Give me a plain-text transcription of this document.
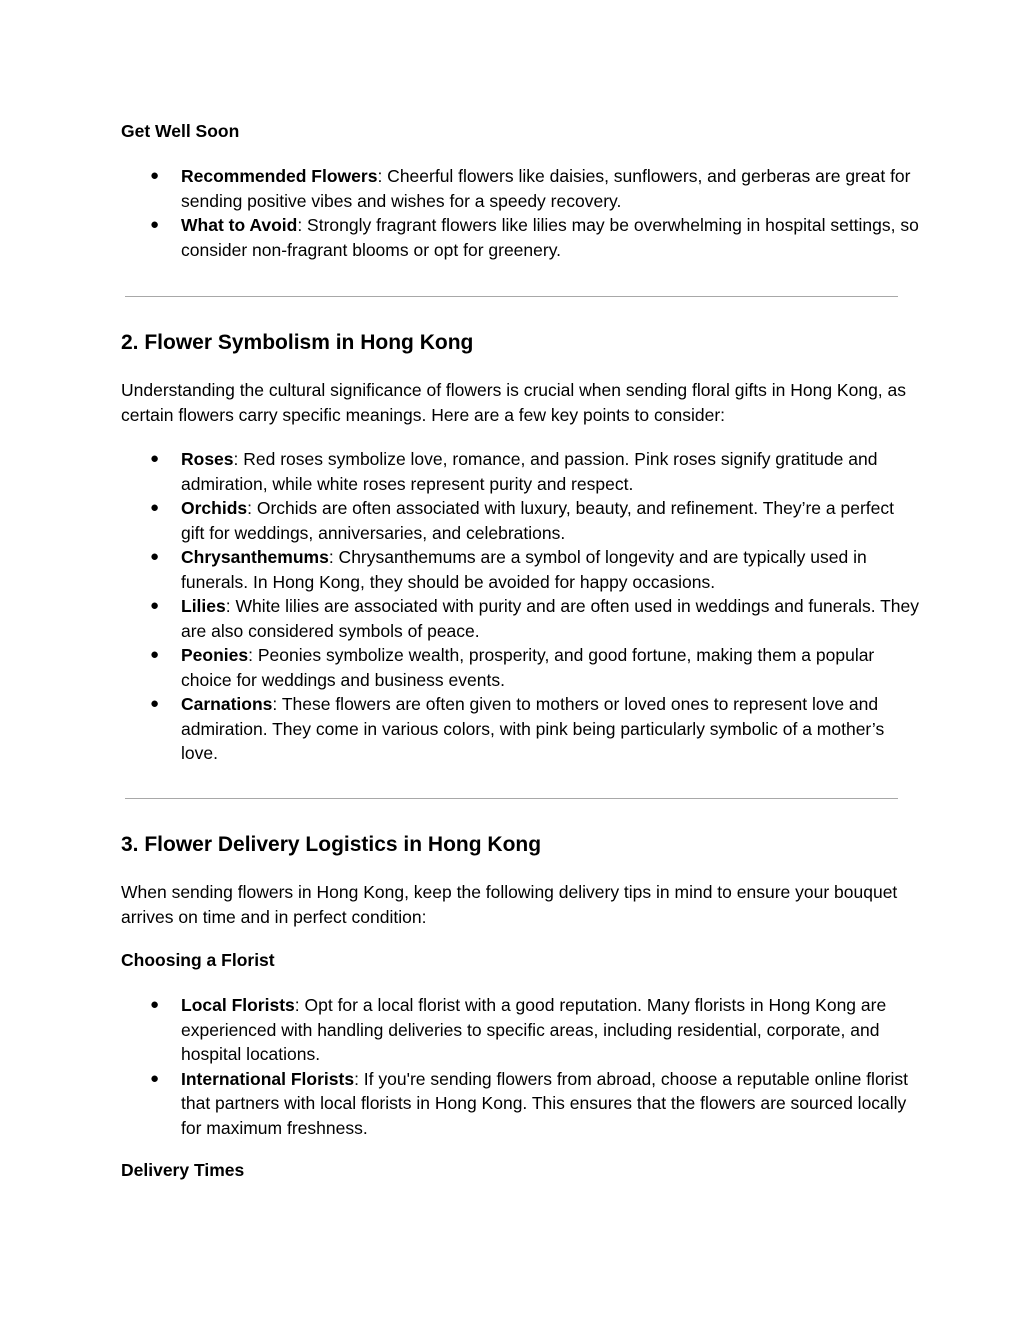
Get Well Soon
● Recommended Flowers: Cheerful flowers like daisies, sunflowers, and gerberas are great for sending positive vibes and wishes for a speedy recovery.
● What to Avoid: Strongly fragrant flowers like lilies may be overwhelming in hospital settings, so consider non-fragrant blooms or opt for greenery.
2. Flower Symbolism in Hong Kong

Understanding the cultural significance of flowers is crucial when sending floral gifts in Hong Kong, as certain flowers carry specific meanings. Here are a few key points to consider:

● Roses: Red roses symbolize love, romance, and passion. Pink roses signify gratitude and admiration, while white roses represent purity and respect.
● Orchids: Orchids are often associated with luxury, beauty, and refinement. They’re a perfect gift for weddings, anniversaries, and celebrations.
● Chrysanthemums: Chrysanthemums are a symbol of longevity and are typically used in funerals. In Hong Kong, they should be avoided for happy occasions.
● Lilies: White lilies are associated with purity and are often used in weddings and funerals. They are also considered symbols of peace.
● Peonies: Peonies symbolize wealth, prosperity, and good fortune, making them a popular choice for weddings and business events.
● Carnations: These flowers are often given to mothers or loved ones to represent love and admiration. They come in various colors, with pink being particularly symbolic of a mother’s love.
3. Flower Delivery Logistics in Hong Kong

When sending flowers in Hong Kong, keep the following delivery tips in mind to ensure your bouquet arrives on time and in perfect condition:

Choosing a Florist
● Local Florists: Opt for a local florist with a good reputation. Many florists in Hong Kong are experienced with handling deliveries to specific areas, including residential, corporate, and hospital locations.
● International Florists: If you're sending flowers from abroad, choose a reputable online florist that partners with local florists in Hong Kong. This ensures that the flowers are sourced locally for maximum freshness.
Delivery Times
